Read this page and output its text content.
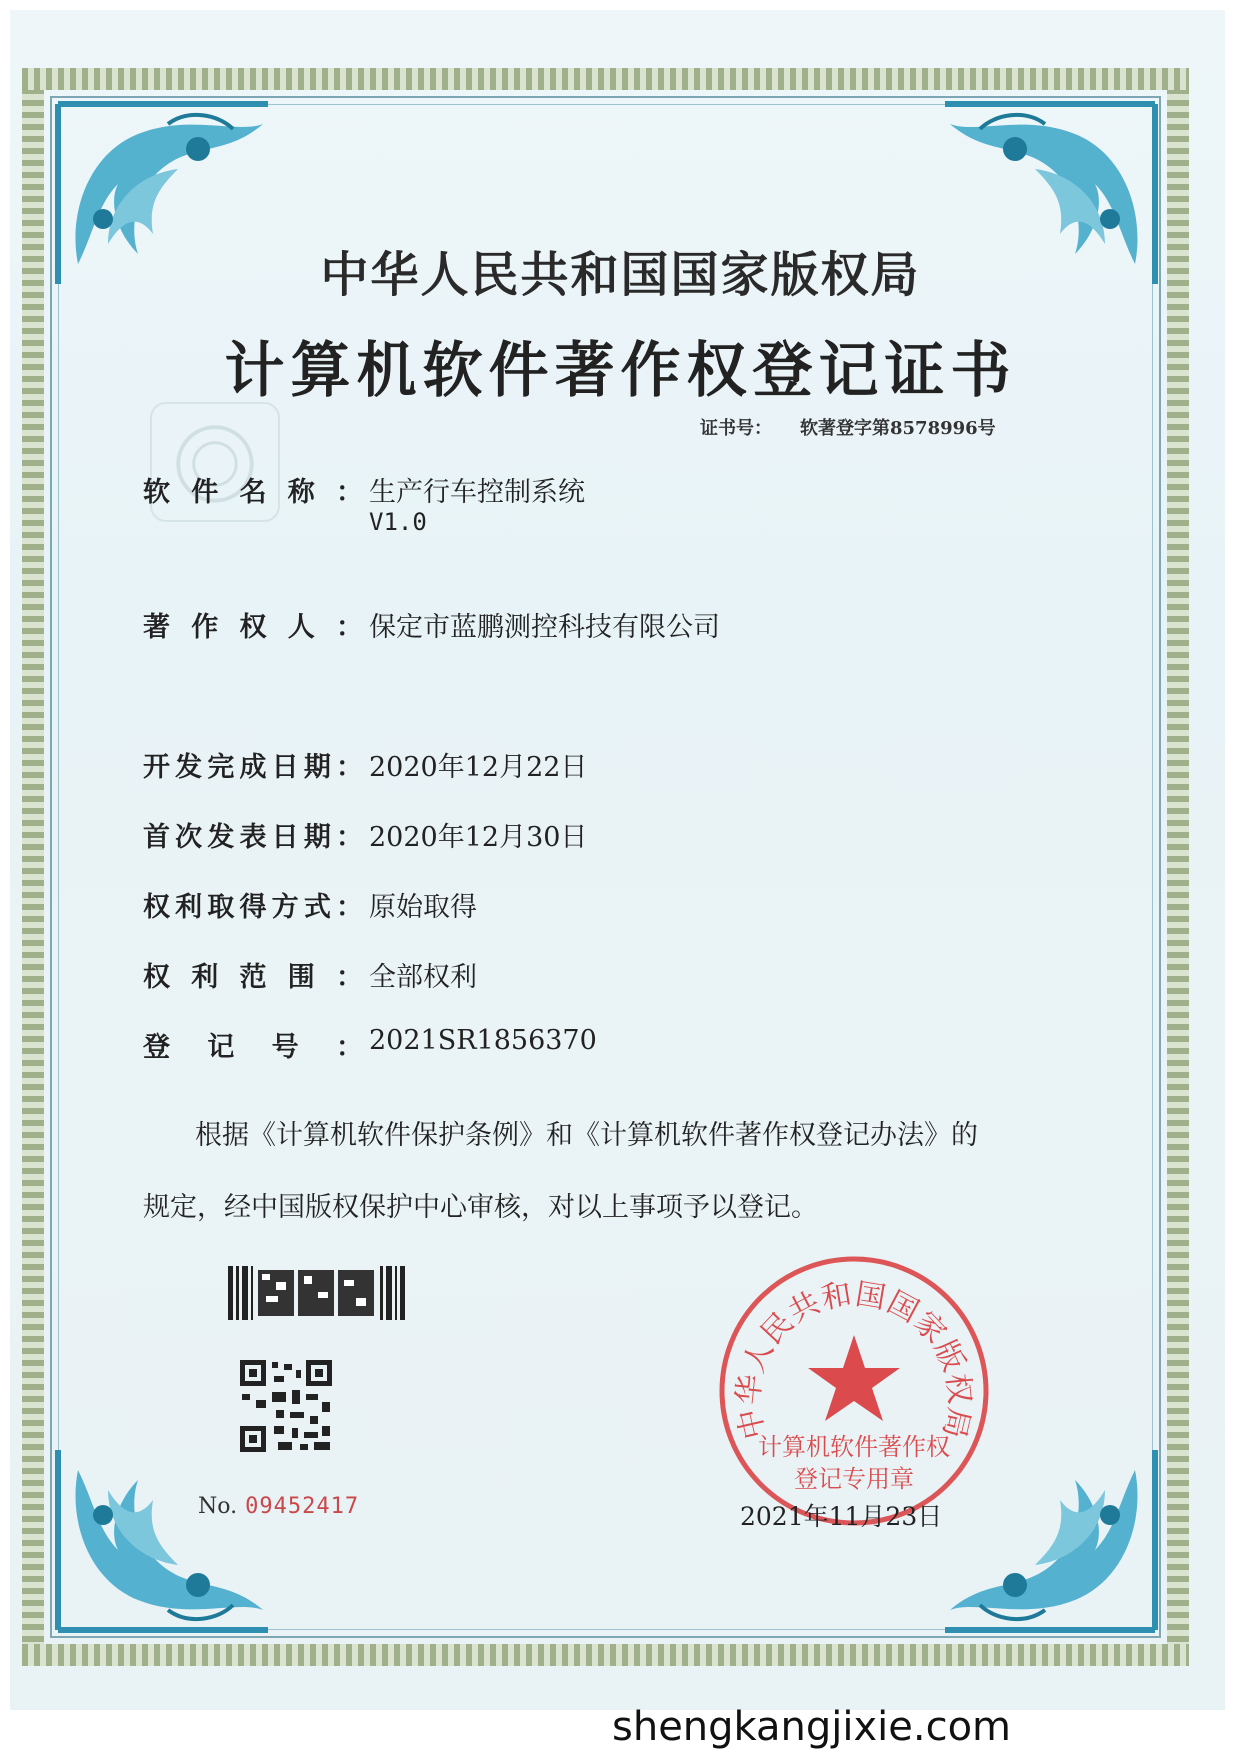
中华人民共和国国家版权局
计算机软件著作权登记证书
证书号： 软著登字第8578996号
软件名称： 生产行车控制系统
V1.0
著作权人： 保定市蓝鹏测控科技有限公司
开发完成日期： 2020年12月22日
首次发表日期： 2020年12月30日
权利取得方式： 原始取得
权利范围： 全部权利
登记号： 2021SR1856370
根据《计算机软件保护条例》和《计算机软件著作权登记办法》的
规定，经中国版权保护中心审核，对以上事项予以登记。
No. 09452417
中华人民共和国国家版权局
计算机软件著作权
登记专用章
2021年11月23日
shengkangjixie.com
